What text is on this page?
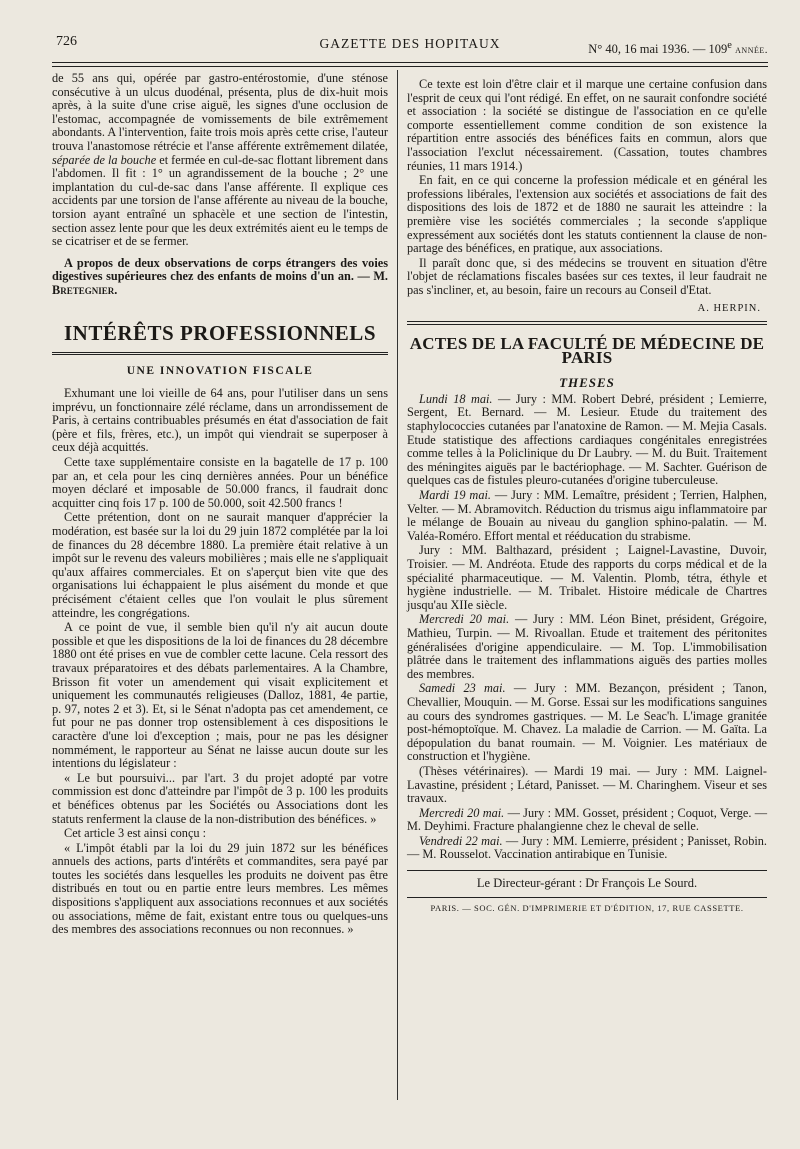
726	GAZETTE DES HOPITAUX	N° 40, 16 mai 1936. — 109e année.

de 55 ans qui, opérée par gastro-entérostomie, d'une sténose consécutive à un ulcus duodénal, présenta, plus de dix-huit mois après, à la suite d'une crise aiguë, les signes d'une occlusion de l'estomac, accompagnée de vomissements de bile extrêmement abondants. A l'intervention, faite trois mois après cette crise, l'auteur trouva l'anastomose rétrécie et l'anse afférente extrêmement dilatée, séparée de la bouche et fermée en cul-de-sac flottant librement dans l'abdomen. Il fit : 1° un agrandissement de la bouche ; 2° une implantation du cul-de-sac dans l'anse afférente. Il explique ces accidents par une torsion de l'anse afférente au niveau de la bouche, torsion ayant entraîné un sphacèle et une section de l'intestin, section assez lente pour que les deux extrémités aient eu le temps de se cicatriser et de se fermer.

A propos de deux observations de corps étrangers des voies digestives supérieures chez des enfants de moins d'un an. — M. Bretegnier.

INTÉRÊTS PROFESSIONNELS
UNE INNOVATION FISCALE

Exhumant une loi vieille de 64 ans, pour l'utiliser dans un sens imprévu, un fonctionnaire zélé réclame, dans un arrondissement de Paris, à certains contribuables présumés en état d'association de fait (père et fils, frères, etc.), un impôt qui viendrait se superposer à ceux déjà acquittés.

Cette taxe supplémentaire consiste en la bagatelle de 17 p. 100 par an, et cela pour les cinq dernières années. Pour un bénéfice moyen déclaré et imposable de 50.000 francs, il faudrait donc acquitter cinq fois 17 p. 100 de 50.000, soit 42.500 francs !

Cette prétention, dont on ne saurait manquer d'apprécier la modération, est basée sur la loi du 29 juin 1872 complétée par la loi de finances du 28 décembre 1880. La première était relative à un impôt sur le revenu des valeurs mobilières ; mais elle ne s'appliquait qu'aux affaires commerciales. Et on s'aperçut bien vite que des organisations lui échappaient le plus aisément du monde et que précisément c'étaient celles que l'on voulait le plus sûrement atteindre, les congrégations.

A ce point de vue, il semble bien qu'il n'y ait aucun doute possible et que les dispositions de la loi de finances du 28 décembre 1880 ont été prises en vue de combler cette lacune. Cela ressort des travaux préparatoires et des débats parlementaires. A la Chambre, Brisson fit voter un amendement qui visait explicitement et uniquement les communautés religieuses (Dalloz, 1881, 4e partie, p. 97, notes 2 et 3). Et, si le Sénat n'adopta pas cet amendement, ce fut pour ne pas donner trop ostensiblement à ces dispositions le caractère d'une loi d'exception ; mais, pour ne pas les désigner nommément, le rapporteur au Sénat ne laisse aucun doute sur les intentions du législateur :

« Le but poursuivi... par l'art. 3 du projet adopté par votre commission est donc d'atteindre par l'impôt de 3 p. 100 les produits et bénéfices obtenus par les Sociétés ou Associations dont les statuts renferment la clause de la non-distribution des bénéfices. »

Cet article 3 est ainsi conçu :

« L'impôt établi par la loi du 29 juin 1872 sur les bénéfices annuels des actions, parts d'intérêts et commandites, sera payé par toutes les sociétés dans lesquelles les produits ne doivent pas être distribués en tout ou en partie entre leurs membres. Les mêmes dispositions s'appliquent aux associations reconnues et aux sociétés ou associations, même de fait, existant entre tous ou quelques-uns des membres des associations reconnues ou non reconnues. »

Ce texte est loin d'être clair et il marque une certaine confusion dans l'esprit de ceux qui l'ont rédigé. En effet, on ne saurait confondre société et association : la société se distingue de l'association en ce qu'elle comporte essentiellement comme condition de son existence la répartition entre associés des bénéfices faits en commun, alors que l'association l'exclut nécessairement. (Cassation, toutes chambres réunies, 11 mars 1914.)

En fait, en ce qui concerne la profession médicale et en général les professions libérales, l'extension aux sociétés et associations de fait des dispositions des lois de 1872 et de 1880 ne saurait les atteindre : la première vise les sociétés commerciales ; la seconde s'applique expressément aux sociétés dont les statuts contiennent la clause de non-partage des bénéfices, en pratique, aux associations.

Il paraît donc que, si des médecins se trouvent en situation d'être l'objet de réclamations fiscales basées sur ces textes, il leur faudrait ne pas s'incliner, et, au besoin, faire un recours au Conseil d'Etat.

A. HERPIN.
ACTES DE LA FACULTÉ DE MÉDECINE DE PARIS
THESES

Lundi 18 mai. — Jury : MM. Robert Debré, président ; Lemierre, Sergent, Et. Bernard. — M. Lesieur. Etude du traitement des staphylococcies cutanées par l'anatoxine de Ramon. — M. Mejia Casals. Etude statistique des affections cardiaques congénitales enregistrées comme telles à la Policlinique du Dr Laubry. — M. du Buit. Traitement des méningites aiguës par le bactériophage. — M. Sachter. Guérison de quelques cas de fistules pleuro-cutanées d'origine tuberculeuse.

Mardi 19 mai. — Jury : MM. Lemaître, président ; Terrien, Halphen, Velter. — M. Abramovitch. Réduction du trismus aigu inflammatoire par le mélange de Bouain au niveau du ganglion sphino-palatin. — M. Valéa-Roméro. Effort mental et rééducation du strabisme.

Jury : MM. Balthazard, président ; Laignel-Lavastine, Duvoir, Troisier. — M. Andréota. Etude des rapports du corps médical et de la spécialité pharmaceutique. — M. Valentin. Plomb, tétra, éthyle et hygiène industrielle. — M. Tribalet. Histoire médicale de Chartres jusqu'au XIIe siècle.

Mercredi 20 mai. — Jury : MM. Léon Binet, président, Grégoire, Mathieu, Turpin. — M. Rivoallan. Etude et traitement des péritonites généralisées d'origine appendiculaire. — M. Top. L'immobilisation plâtrée dans le traitement des inflammations aiguës des parties molles des membres.

Samedi 23 mai. — Jury : MM. Bezançon, président ; Tanon, Chevallier, Mouquin. — M. Gorse. Essai sur les modifications sanguines au cours des syndromes gastriques. — M. Le Seac'h. L'image granitée post-hémoptoïque. M. Chavez. La maladie de Carrion. — M. Gaïta. La dépopulation du banat roumain. — M. Voignier. Les matériaux de construction et l'hygiène.

(Thèses vétérinaires). — Mardi 19 mai. — Jury : MM. Laignel-Lavastine, président ; Létard, Panisset. — M. Charinghem. Viseur et ses travaux.

Mercredi 20 mai. — Jury : MM. Gosset, président ; Coquot, Verge. — M. Deyhimi. Fracture phalangienne chez le cheval de selle.

Vendredi 22 mai. — Jury : MM. Lemierre, président ; Panisset, Robin. — M. Rousselot. Vaccination antirabique en Tunisie.

Le Directeur-gérant : Dr François Le Sourd.
PARIS. — SOC. GÉN. D'IMPRIMERIE ET D'ÉDITION, 17, RUE CASSETTE.
